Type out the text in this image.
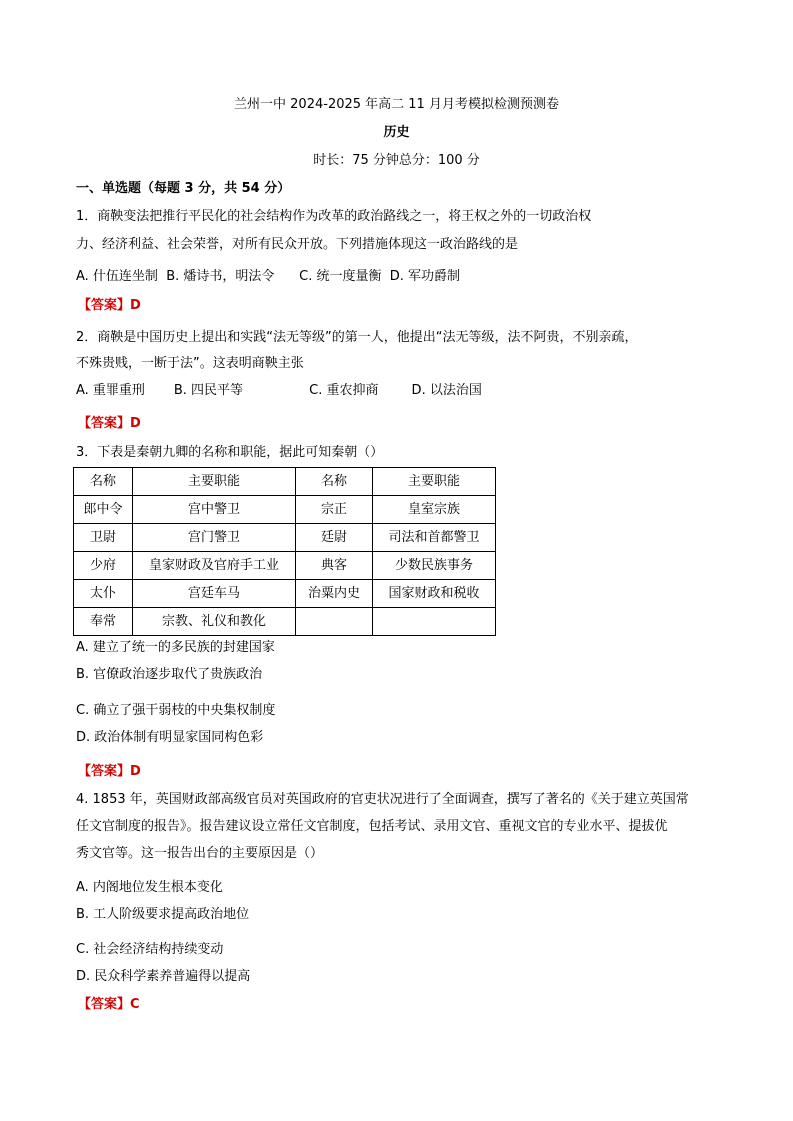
兰州一中 2024-2025 年高二 11 月月考模拟检测预测卷
历史
时长：75 分钟总分：100 分
一、单选题（每题 3 分，共 54 分）
1．商鞅变法把推行平民化的社会结构作为改革的政治路线之一，将王权之外的一切政治权
力、经济利益、社会荣誉，对所有民众开放。下列措施体现这一政治路线的是
A. 什伍连坐制  B. 燔诗书，明法令      C. 统一度量衡  D. 军功爵制
【答案】D
2．商鞅是中国历史上提出和实践“法无等级”的第一人，他提出“法无等级，法不阿贵，不别亲疏，
不殊贵贱，一断于法”。这表明商鞅主张
A. 重罪重刑       B. 四民平等                C. 重农抑商        D. 以法治国
【答案】D
3．下表是秦朝九卿的名称和职能，据此可知秦朝（）
名称	主要职能	名称	主要职能
郎中令	宫中警卫	宗正	皇室宗族
卫尉	宫门警卫	廷尉	司法和首都警卫
少府	皇家财政及官府手工业	典客	少数民族事务
太仆	宫廷车马	治粟内史	国家财政和税收
奉常	宗教、礼仪和教化		
A. 建立了统一的多民族的封建国家
B. 官僚政治逐步取代了贵族政治
C. 确立了强干弱枝的中央集权制度
D. 政治体制有明显家国同构色彩
【答案】D
4. 1853 年，英国财政部高级官员对英国政府的官吏状况进行了全面调查，撰写了著名的《关于建立英国常
任文官制度的报告》。报告建议设立常任文官制度，包括考试、录用文官、重视文官的专业水平、提拔优
秀文官等。这一报告出台的主要原因是（）
A. 内阁地位发生根本变化
B. 工人阶级要求提高政治地位
C. 社会经济结构持续变动
D. 民众科学素养普遍得以提高
【答案】C
